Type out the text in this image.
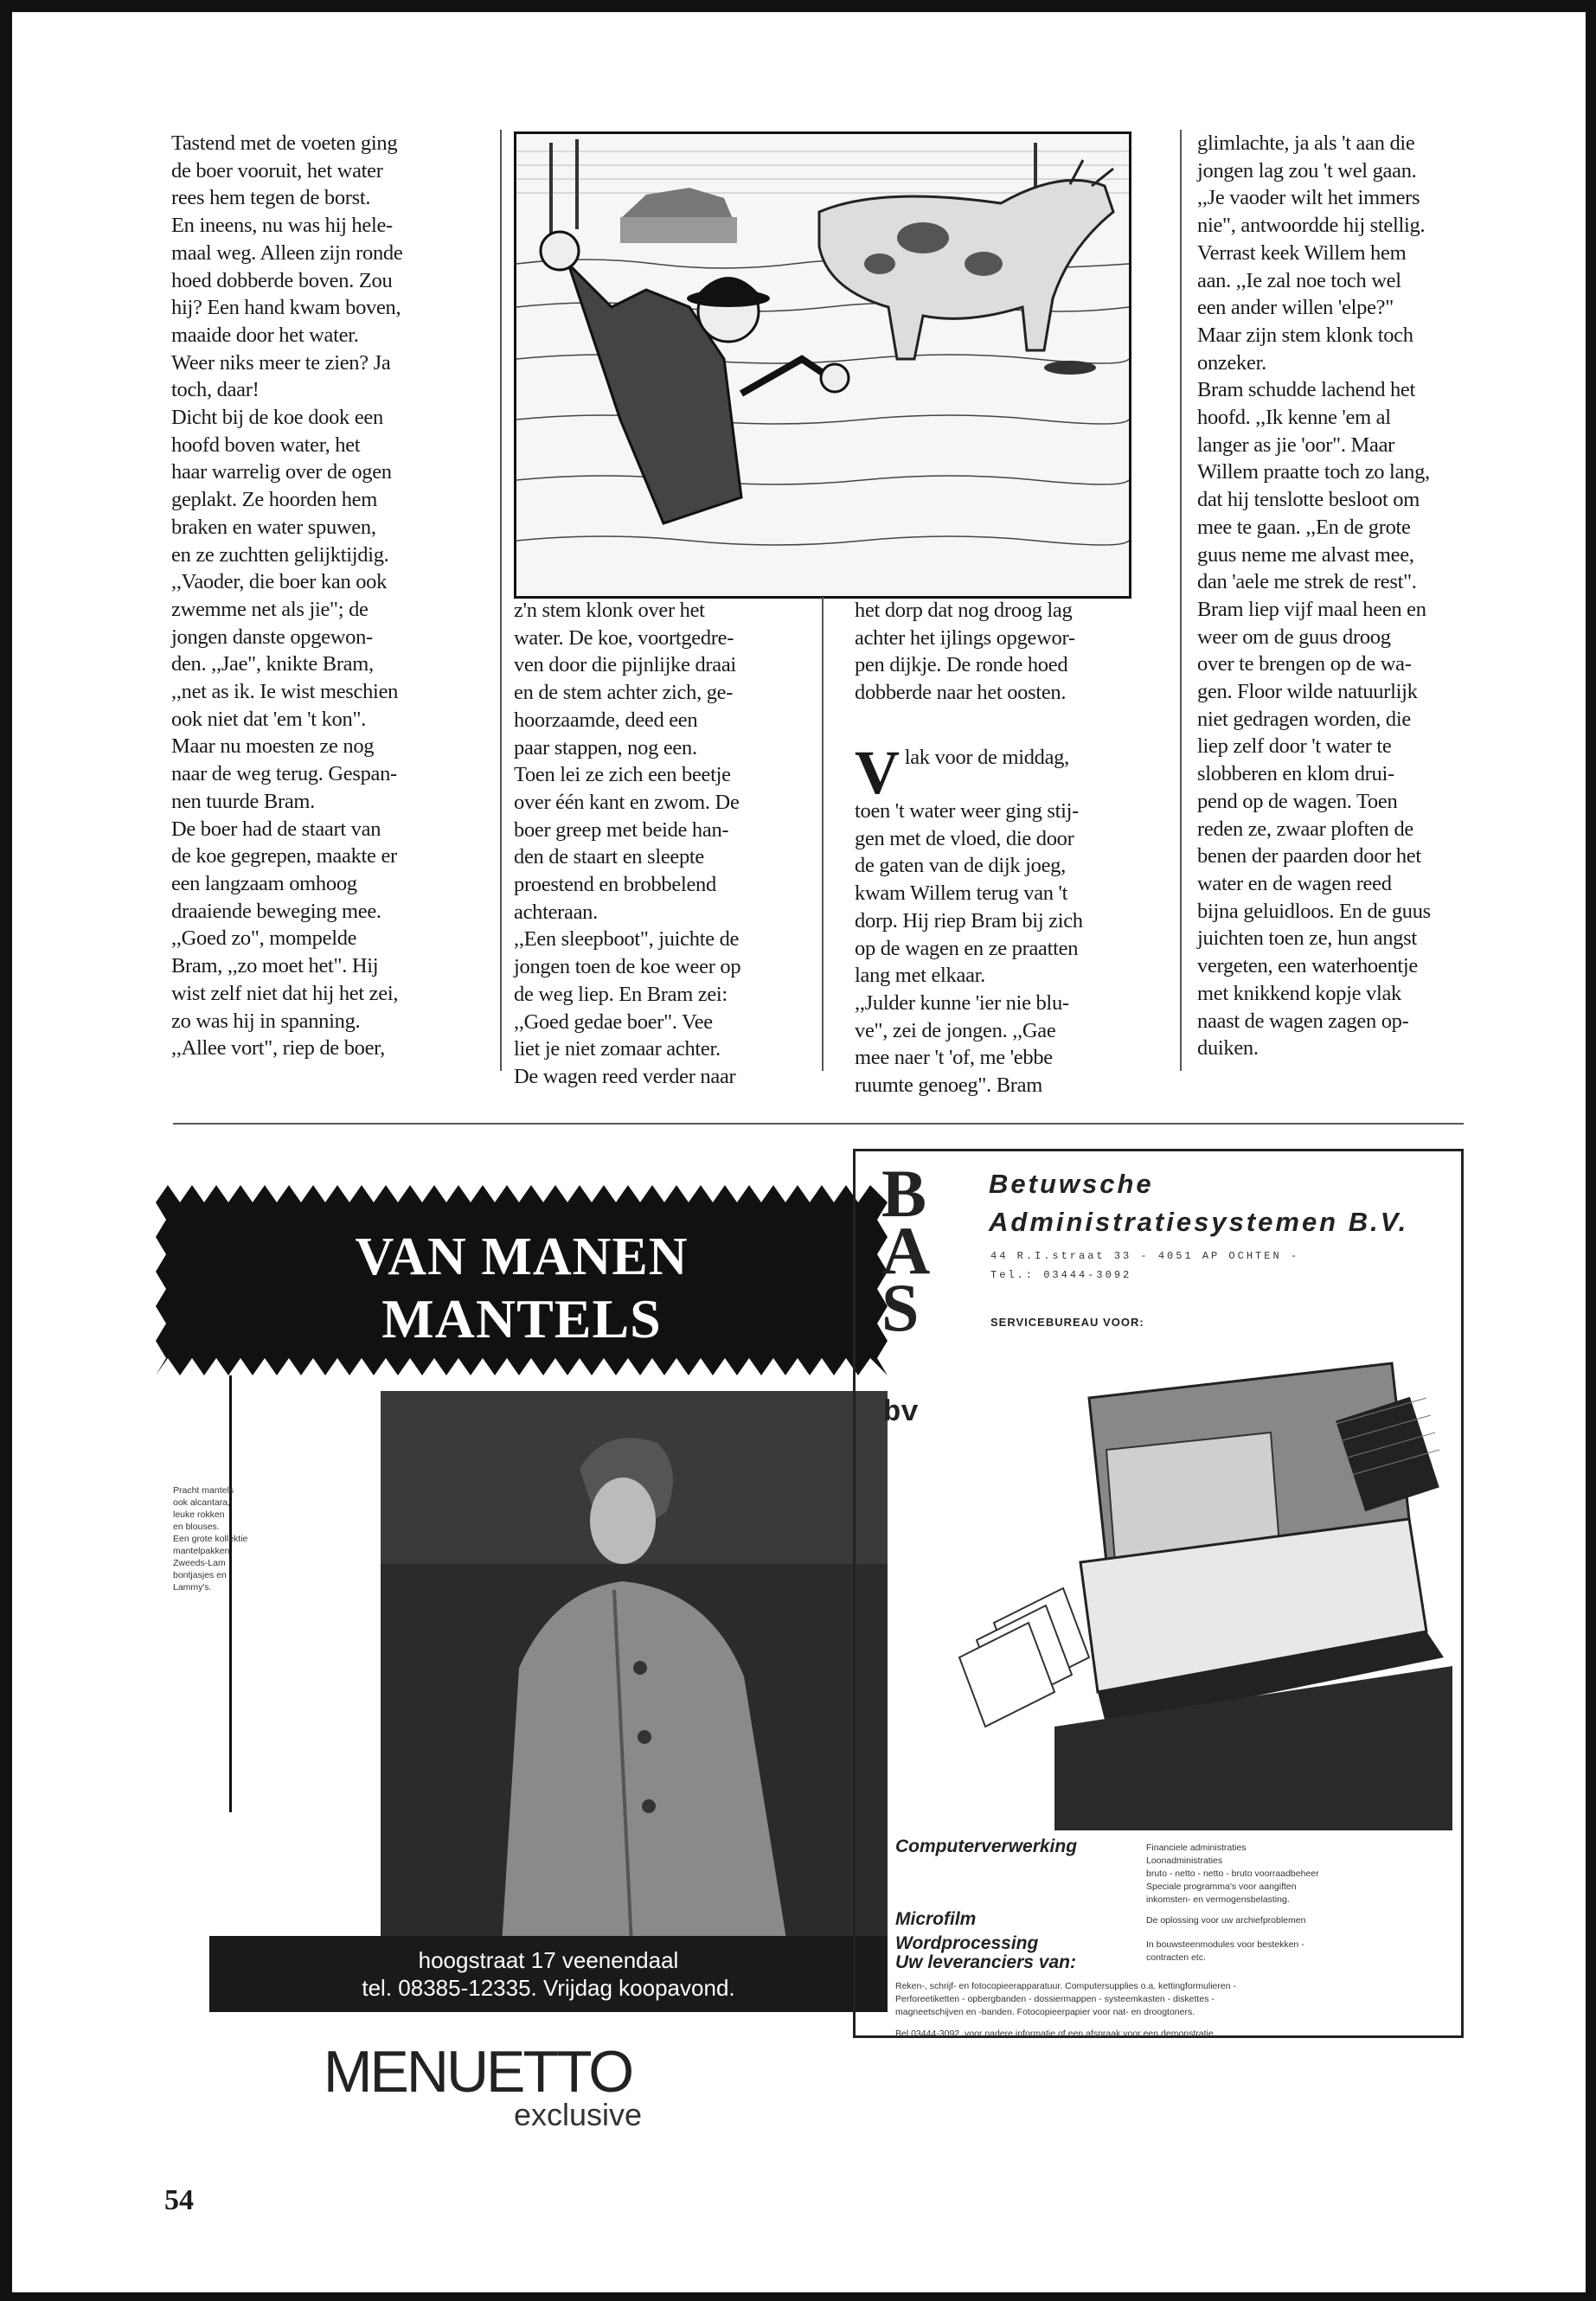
Tastend met de voeten ging

de boer vooruit, het water

rees hem tegen de borst.

En ineens, nu was hij hele-

maal weg. Alleen zijn ronde

hoed dobberde boven. Zou

hij? Een hand kwam boven,

maaide door het water.

Weer niks meer te zien? Ja

toch, daar!

Dicht bij de koe dook een

hoofd boven water, het

haar warrelig over de ogen

geplakt. Ze hoorden hem

braken en water spuwen,

en ze zuchtten gelijktijdig.

,,Vaoder, die boer kan ook

zwemme net als jie"; de

jongen danste opgewon-

den. ,,Jae", knikte Bram,

,,net as ik. Ie wist meschien

ook niet dat 'em 't kon".

Maar nu moesten ze nog

naar de weg terug. Gespan-

nen tuurde Bram.

De boer had de staart van

de koe gegrepen, maakte er

een langzaam omhoog

draaiende beweging mee.

,,Goed zo", mompelde

Bram, ,,zo moet het". Hij

wist zelf niet dat hij het zei,

zo was hij in spanning.

,,Allee vort", riep de boer,

z'n stem klonk over het

water. De koe, voortgedre-

ven door die pijnlijke draai

en de stem achter zich, ge-

hoorzaamde, deed een

paar stappen, nog een.

Toen lei ze zich een beetje

over één kant en zwom. De

boer greep met beide han-

den de staart en sleepte

proestend en brobbelend

achteraan.

,,Een sleepboot", juichte de

jongen toen de koe weer op

de weg liep. En Bram zei:

,,Goed gedae boer". Vee

liet je niet zomaar achter.

De wagen reed verder naar

het dorp dat nog droog lag

achter het ijlings opgewor-

pen dijkje. De ronde hoed

dobberde naar het oosten.

Vlak voor de middag,

toen 't water weer ging stij-

gen met de vloed, die door

de gaten van de dijk joeg,

kwam Willem terug van 't

dorp. Hij riep Bram bij zich

op de wagen en ze praatten

lang met elkaar.

,,Julder kunne 'ier nie blu-

ve", zei de jongen. ,,Gae

mee naer 't 'of, me 'ebbe

ruumte genoeg". Bram

glimlachte, ja als 't aan die

jongen lag zou 't wel gaan.

,,Je vaoder wilt het immers

nie", antwoordde hij stellig.

Verrast keek Willem hem

aan. ,,Ie zal noe toch wel

een ander willen 'elpe?"

Maar zijn stem klonk toch

onzeker.

Bram schudde lachend het

hoofd. ,,Ik kenne 'em al

langer as jie 'oor". Maar

Willem praatte toch zo lang,

dat hij tenslotte besloot om

mee te gaan. ,,En de grote

guus neme me alvast mee,

dan 'aele me strek de rest".

Bram liep vijf maal heen en

weer om de guus droog

over te brengen op de wa-

gen. Floor wilde natuurlijk

niet gedragen worden, die

liep zelf door 't water te

slobberen en klom drui-

pend op de wagen. Toen

reden ze, zwaar ploften de

benen der paarden door het

water en de wagen reed

bijna geluidloos. En de guus

juichten toen ze, hun angst

vergeten, een waterhoentje

met knikkend kopje vlak

naast de wagen zagen op-

duiken.

VAN MANEN
MANTELS

Pracht mantels

ook alcantara,

leuke rokken

en blouses.

Een grote kollektie

mantelpakken.

Zweeds-Lam

bontjasjes en

Lammy's.

hoogstraat 17 veenendaal
tel. 08385-12335. Vrijdag koopavond.
MENUETTO
exclusive
54
B
A
S
bv
Betuwsche
Administratiesystemen B.V.
44 R.I.straat 33 - 4051 AP OCHTEN -
Tel.: 03444-3092
SERVICEBUREAU VOOR:
Computerverwerking	Financiele administraties

Loonadministraties

bruto - netto - netto - bruto voorraadbeheer

Speciale programma's voor aangiften

inkomsten- en vermogensbelasting.

Microfilm	De oplossing voor uw archiefproblemen

Wordprocessing	In bouwsteenmodules voor bestekken -

contracten etc.

Uw leveranciers van:

Reken-, schrijf- en fotocopieerapparatuur. Computersupplies o.a. kettingformulieren -

Perforeetiketten - opbergbanden - dossiermappen - systeemkasten - diskettes -

magneetschijven en -banden. Fotocopieerpapier voor nat- en droogtoners.

Bel 03444-3092, voor nadere informatie of een afspraak voor een demonstratie.
